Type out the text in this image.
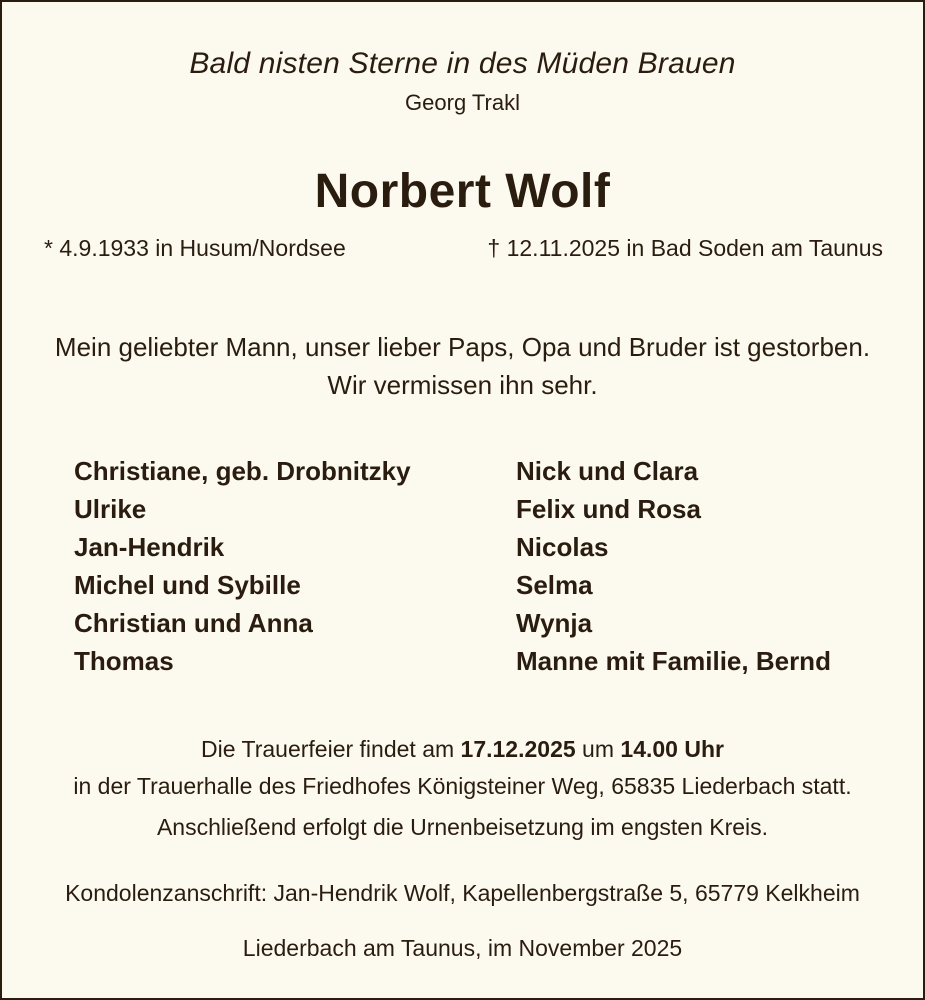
Bald nisten Sterne in des Müden Brauen
Georg Trakl
Norbert Wolf
* 4.9.1933 in Husum/Nordsee	† 12.11.2025 in Bad Soden am Taunus
Mein geliebter Mann, unser lieber Paps, Opa und Bruder ist gestorben.
Wir vermissen ihn sehr.
Christiane, geb. Drobnitzky
Ulrike
Jan-Hendrik
Michel und Sybille
Christian und Anna
Thomas
Nick und Clara
Felix und Rosa
Nicolas
Selma
Wynja
Manne mit Familie, Bernd
Die Trauerfeier findet am 17.12.2025 um 14.00 Uhr
in der Trauerhalle des Friedhofes Königsteiner Weg, 65835 Liederbach statt.
Anschließend erfolgt die Urnenbeisetzung im engsten Kreis.
Kondolenzanschrift: Jan-Hendrik Wolf, Kapellenbergstraße 5, 65779 Kelkheim
Liederbach am Taunus, im November 2025
